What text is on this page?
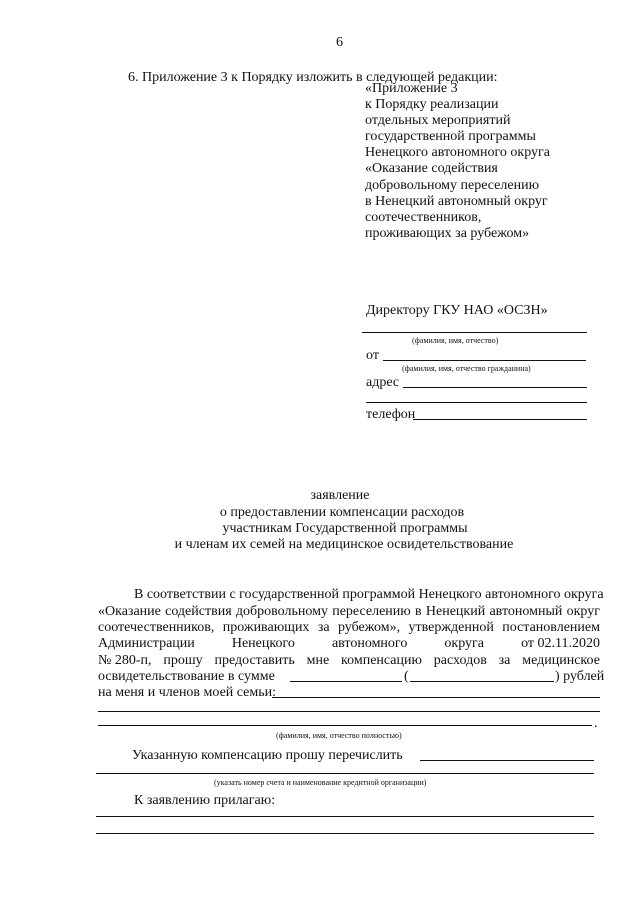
6
6. Приложение 3 к Порядку изложить в следующей редакции:
«Приложение 3
к Порядку реализации
отдельных мероприятий
государственной программы
Ненецкого автономного округа
«Оказание содействия
добровольному переселению
в Ненецкий автономный округ
соотечественников,
проживающих за рубежом»
Директору ГКУ НАО «ОСЗН»
(фамилия, имя, отчество)
от
(фамилия, имя, отчество гражданина)
адрес
телефон
заявление
о предоставлении компенсации расходов
участникам Государственной программы
и членам их семей на медицинское освидетельствование
В соответствии с государственной программой Ненецкого автономного округа
«Оказание содействия добровольному переселению в Ненецкий автономный округ
соотечественников, проживающих за рубежом», утвержденной постановлением
Администрации	Ненецкого	автономного	округа	от 02.11.2020
№ 280-п, прошу предоставить мне компенсацию расходов за медицинское
освидетельствование в сумме	(	) рублей
на меня и членов моей семьи:
.
(фамилия, имя, отчество полностью)
Указанную компенсацию прошу перечислить
(указать номер счета и наименование кредитной организации)
К заявлению прилагаю:
